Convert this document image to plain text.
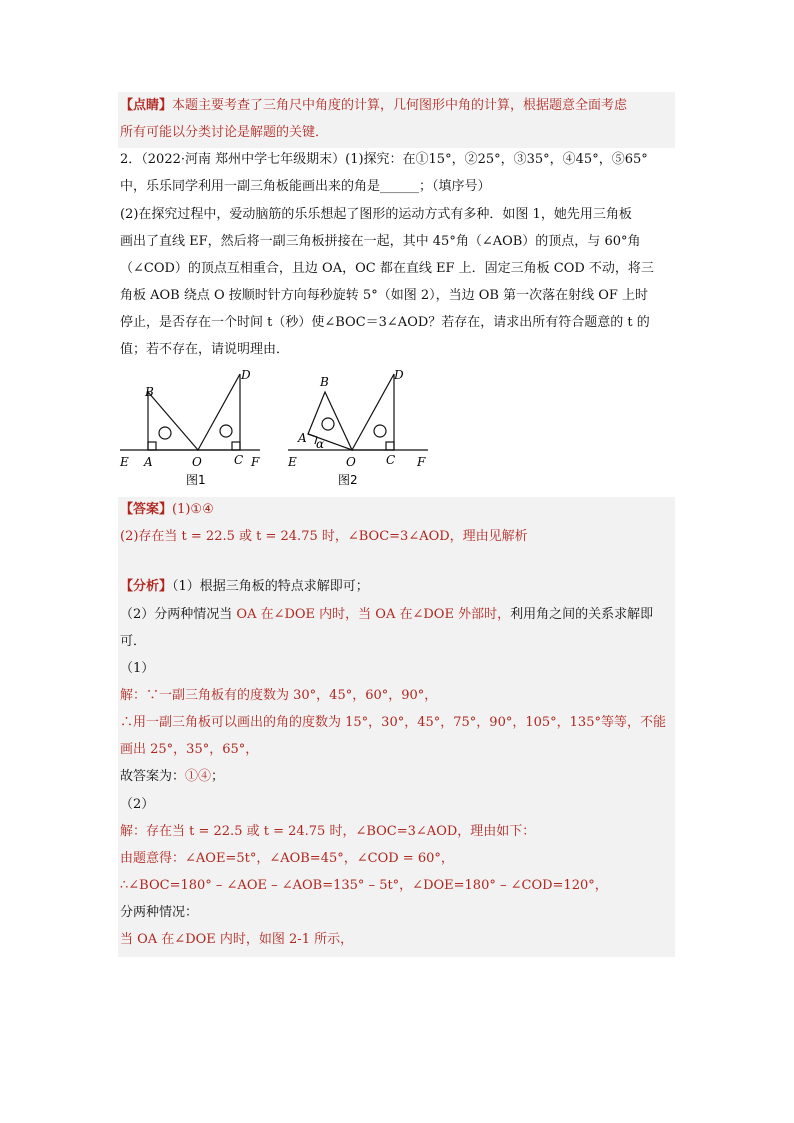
【点睛】本题主要考查了三角尺中角度的计算，几何图形中角的计算，根据题意全面考虑
所有可能以分类讨论是解题的关键．
2．（2022·河南 郑州中学七年级期末）(1)探究：在①15°，②25°，③35°，④45°，⑤65°
中，乐乐同学利用一副三角板能画出来的角是______；（填序号）
(2)在探究过程中，爱动脑筋的乐乐想起了图形的运动方式有多种．如图 1，她先用三角板
画出了直线 EF，然后将一副三角板拼接在一起，其中 45°角（∠AOB）的顶点，与 60°角
（∠COD）的顶点互相重合，且边 OA，OC 都在直线 EF 上．固定三角板 COD 不动，将三
角板 AOB 绕点 O 按顺时针方向每秒旋转 5°（如图 2），当边 OB 第一次落在射线 OF 上时
停止，是否存在一个时间 t（秒）使∠BOC＝3∠AOD？若存在，请求出所有符合题意的 t 的
值；若不存在，请说明理由．
B
D
E A	O	C F
图1
B	D
A α
E	O	C F
图2
【答案】(1)①④
(2)存在当 t = 22.5 或 t = 24.75 时，∠BOC=3∠AOD，理由见解析
【分析】（1）根据三角板的特点求解即可；
（2）分两种情况当 OA 在∠DOE 内时，当 OA 在∠DOE 外部时，利用角之间的关系求解即
可．
（1）
解：∵一副三角板有的度数为 30°，45°，60°，90°，
∴用一副三角板可以画出的角的度数为 15°，30°，45°，75°，90°，105°，135°等等，不能
画出 25°，35°，65°，
故答案为：①④；
（2）
解：存在当 t = 22.5 或 t = 24.75 时，∠BOC=3∠AOD，理由如下：
由题意得：∠AOE=5t°，∠AOB=45°，∠COD = 60°，
∴∠BOC=180° – ∠AOE – ∠AOB=135° – 5t°，∠DOE=180° – ∠COD=120°，
分两种情况：
当 OA 在∠DOE 内时，如图 2-1 所示，
